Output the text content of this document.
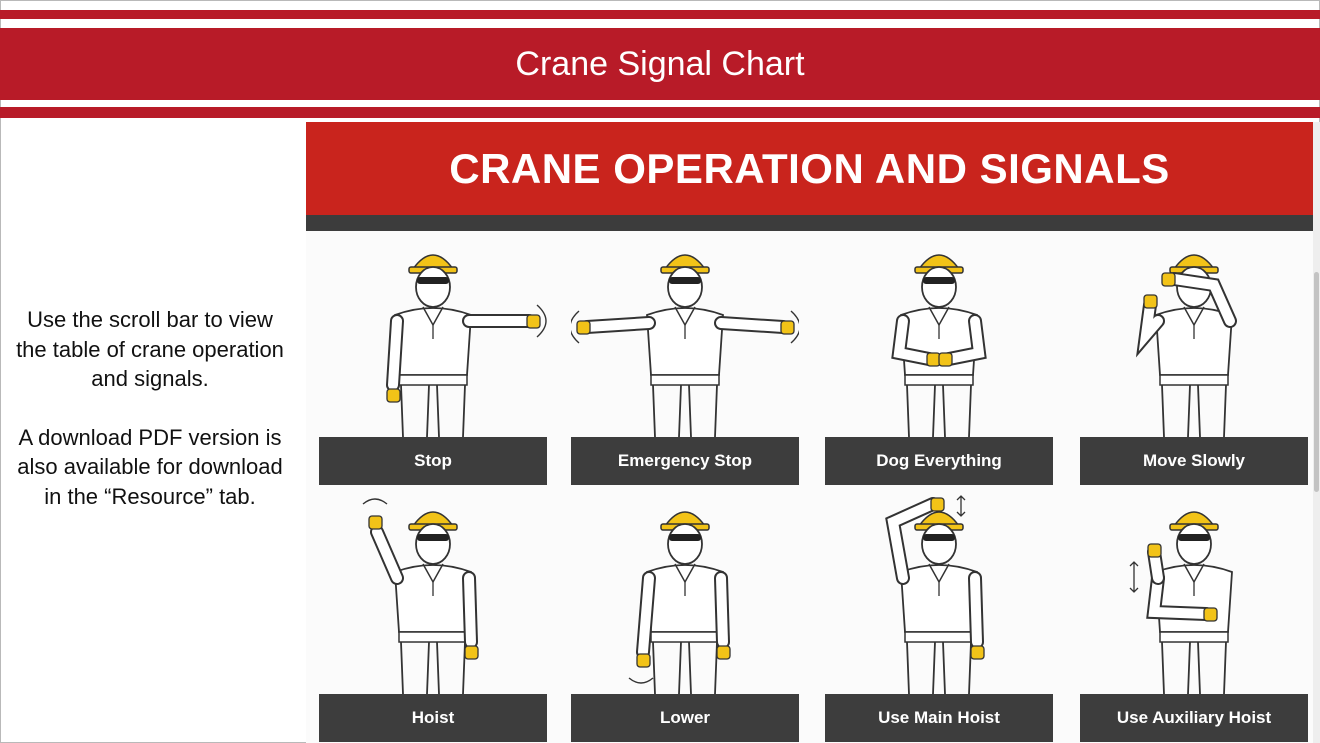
Crane Signal Chart

Use the scroll bar to view the table of crane operation and signals.

A download PDF version is also available for download in the “Resource” tab.

CRANE OPERATION AND SIGNALS
Stop	Emergency Stop	Dog Everything	Move Slowly
Hoist	Lower	Use Main Hoist	Use Auxiliary Hoist
